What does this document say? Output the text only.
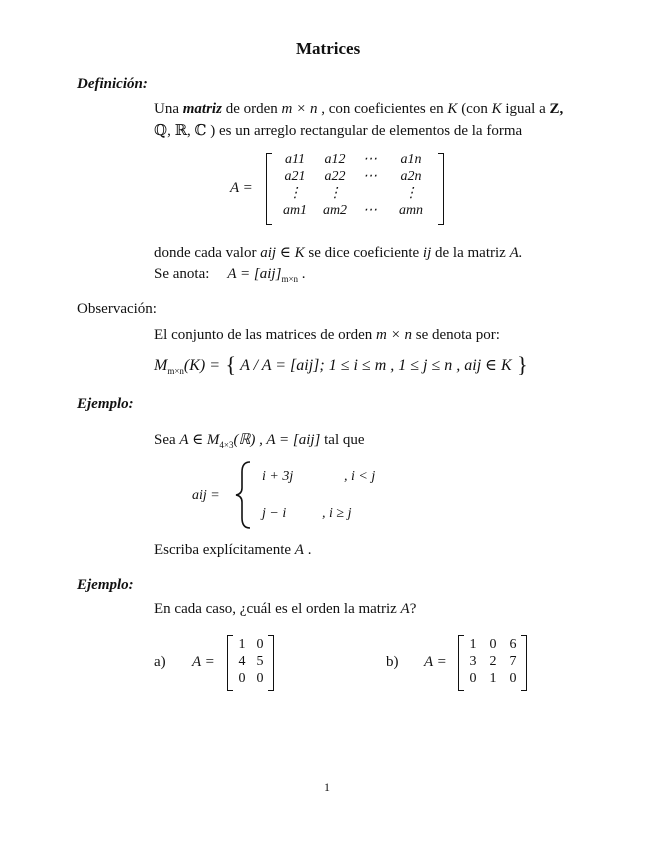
Matrices
Definición:
Una matriz de orden m × n , con coeficientes en K (con K igual a Z,
ℚ, ℝ, ℂ ) es un arreglo rectangular de elementos de la forma
A =
a11	a12	⋯	a1n
a21	a22	⋯	a2n
⋮	⋮	⋮
am1	am2	⋯	amn
donde cada valor aij ∈ K se dice coeficiente ij de la matriz A.
Se anota: $A = [aij]_{m\times n}$ .
Observación:
El conjunto de las matrices de orden m × n se denota por:
$M_{m\times n}(K)$ = { A / A = [aij]; 1 ≤ i ≤ m , 1 ≤ j ≤ n , aij ∈ K }
Ejemplo:
Sea A ∈ $M_{4\times 3}(ℝ)$ , A = [aij] tal que
aij =
i + 3j	, i < j
j − i	, i ≥ j
Escriba explícitamente A .
Ejemplo:
En cada caso, ¿cuál es el orden la matriz A?
a) A =
1 0
4 5
0 0
b) A =
1 0 6
3 2 7
0 1 0
1
